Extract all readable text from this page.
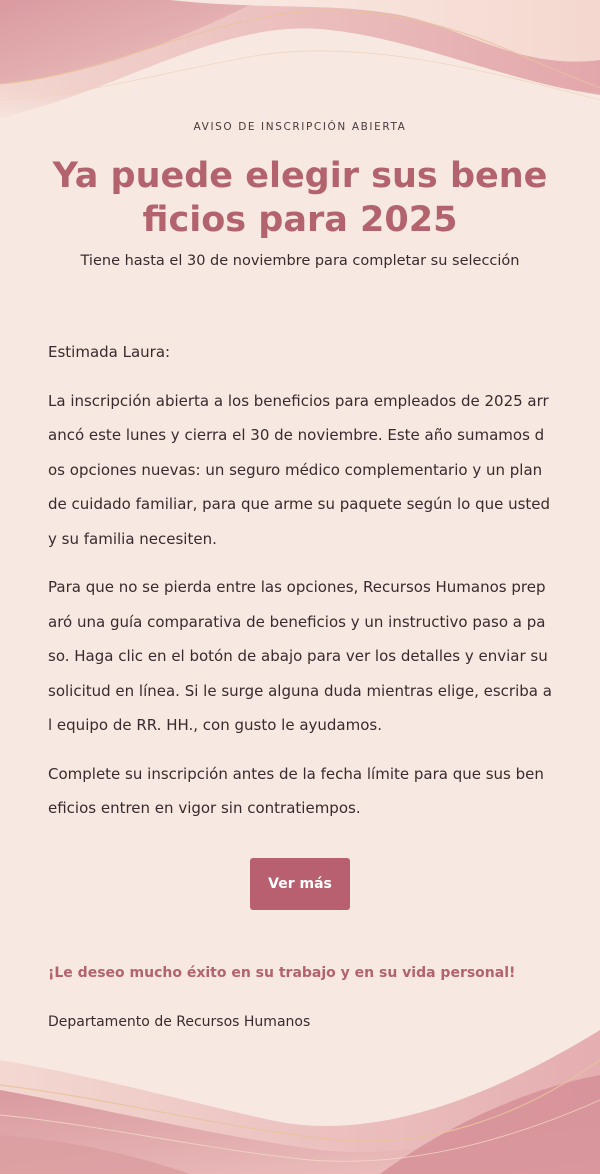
AVISO DE INSCRIPCIÓN ABIERTA
Ya puede elegir sus beneficios para 2025
Tiene hasta el 30 de noviembre para completar su selección

Estimada Laura:

La inscripción abierta a los beneficios para empleados de 2025 arrancó este lunes y cierra el 30 de noviembre. Este año sumamos dos opciones nuevas: un seguro médico complementario y un plan de cuidado familiar, para que arme su paquete según lo que usted y su familia necesiten.

Para que no se pierda entre las opciones, Recursos Humanos preparó una guía comparativa de beneficios y un instructivo paso a paso. Haga clic en el botón de abajo para ver los detalles y enviar su solicitud en línea. Si le surge alguna duda mientras elige, escriba al equipo de RR. HH., con gusto le ayudamos.

Complete su inscripción antes de la fecha límite para que sus beneficios entren en vigor sin contratiempos.

Ver más
¡Le deseo mucho éxito en su trabajo y en su vida personal!
Departamento de Recursos Humanos
